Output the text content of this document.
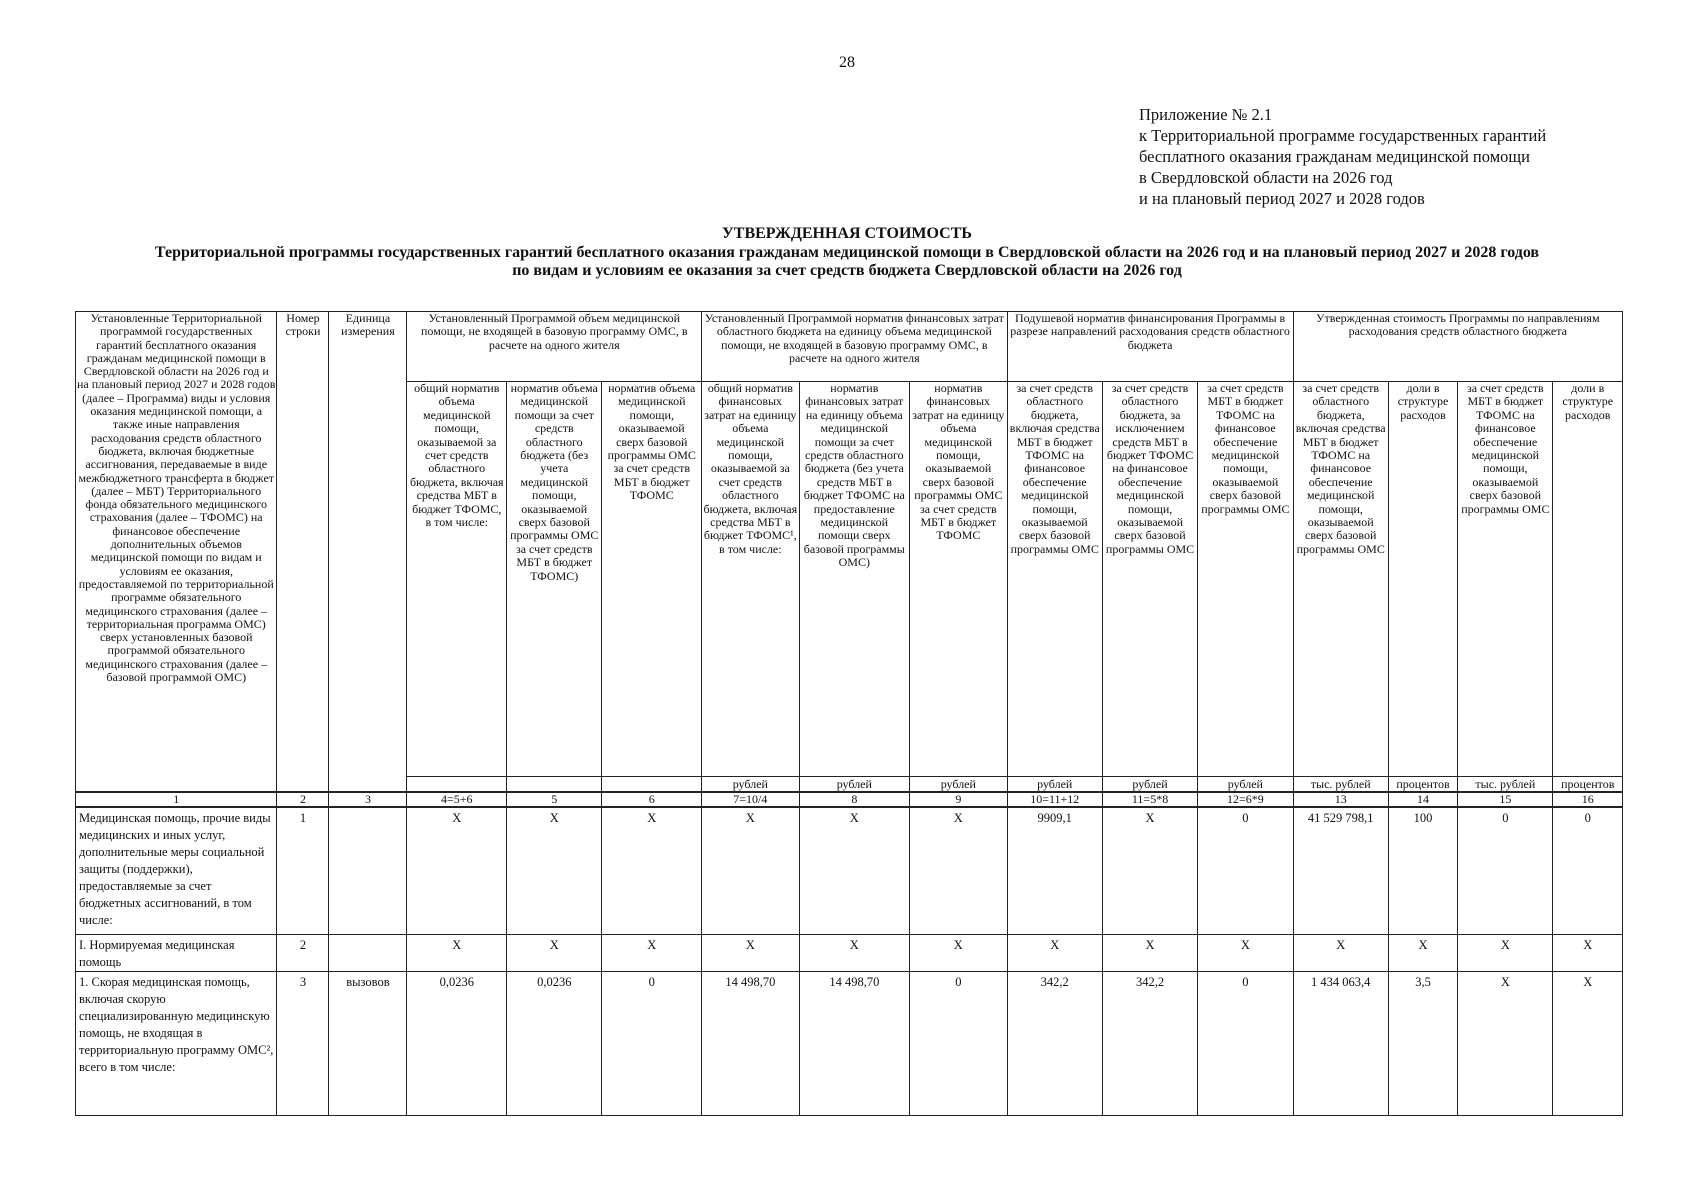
28
Приложение № 2.1
к Территориальной программе государственных гарантий
бесплатного оказания гражданам медицинской помощи
в Свердловской области на 2026 год
и на плановый период 2027 и 2028 годов
УТВЕРЖДЕННАЯ СТОИМОСТЬ
Территориальной программы государственных гарантий бесплатного оказания гражданам медицинской помощи в Свердловской области на 2026 год и на плановый период 2027 и 2028 годов
по видам и условиям ее оказания за счет средств бюджета Свердловской области на 2026 год
Установленные Территориальной программой государственных гарантий бесплатного оказания гражданам медицинской помощи в Свердловской области на 2026 год и на плановый период 2027 и 2028 годов (далее – Программа) виды и условия оказания медицинской помощи, а также иные направления расходования средств областного бюджета, включая бюджетные ассигнования, передаваемые в виде межбюджетного трансферта в бюджет (далее – МБТ) Территориального фонда обязательного медицинского страхования (далее – ТФОМС) на финансовое обеспечение дополнительных объемов медицинской помощи по видам и условиям ее оказания, предоставляемой по территориальной программе обязательного медицинского страхования (далее – территориальная программа ОМС) сверх установленных базовой программой обязательного медицинского страхования (далее – базовой программой ОМС)	Номер строки	Единица измерения	Установленный Программой объем медицинской помощи, не входящей в базовую программу ОМС, в расчете на одного жителя			Установленный Программой норматив финансовых затрат областного бюджета на единицу объема медицинской помощи, не входящей в базовую программу ОМС, в расчете на одного жителя			Подушевой норматив финансирования Программы в разрезе направлений расходования средств областного бюджета			Утвержденная стоимость Программы по направлениям расходования средств областного бюджета			
			общий норматив объема медицинской помощи, оказываемой за счет средств областного бюджета, включая средства МБТ в бюджет ТФОМС, в том числе:	норматив объема медицинской помощи за счет средств областного бюджета (без учета медицинской помощи, оказываемой сверх базовой программы ОМС за счет средств МБТ в бюджет ТФОМС)	норматив объема медицинской помощи, оказываемой сверх базовой программы ОМС за счет средств МБТ в бюджет ТФОМС	общий норматив финансовых затрат на единицу объема медицинской помощи, оказываемой за счет средств областного бюджета, включая средства МБТ в бюджет ТФОМС¹, в том числе:	норматив финансовых затрат на единицу объема медицинской помощи за счет средств областного бюджета (без учета средств МБТ в бюджет ТФОМС на предоставление медицинской помощи сверх базовой программы ОМС)	норматив финансовых затрат на единицу объема медицинской помощи, оказываемой сверх базовой программы ОМС за счет средств МБТ в бюджет ТФОМС	за счет средств областного бюджета, включая средства МБТ в бюджет ТФОМС на финансовое обеспечение медицинской помощи, оказываемой сверх базовой программы ОМС	за счет средств областного бюджета, за исключением средств МБТ в бюджет ТФОМС на финансовое обеспечение медицинской помощи, оказываемой сверх базовой программы ОМС	за счет средств МБТ в бюджет ТФОМС на финансовое обеспечение медицинской помощи, оказываемой сверх базовой программы ОМС	за счет средств областного бюджета, включая средства МБТ в бюджет ТФОМС на финансовое обеспечение медицинской помощи, оказываемой сверх базовой программы ОМС	доли в структуре расходов	за счет средств МБТ в бюджет ТФОМС на финансовое обеспечение медицинской помощи, оказываемой сверх базовой программы ОМС	доли в структуре расходов
						рублей	рублей	рублей	рублей	рублей	рублей	тыс. рублей	процентов	тыс. рублей	процентов
1	2	3	4=5+6	5	6	7=10/4	8	9	10=11+12	11=5*8	12=6*9	13	14	15	16
Медицинская помощь, прочие виды медицинских и иных услуг, дополнительные меры социальной защиты (поддержки), предоставляемые за счет бюджетных ассигнований, в том числе:	1		X	X	X	X	X	X	9909,1	X	0	41 529 798,1	100	0	0
I. Нормируемая медицинская помощь	2		X	X	X	X	X	X	X	X	X	X	X	X	X
1. Скорая медицинская помощь, включая скорую специализированную медицинскую помощь, не входящая в территориальную программу ОМС², всего в том числе:	3	вызовов	0,0236	0,0236	0	14 498,70	14 498,70	0	342,2	342,2	0	1 434 063,4	3,5	X	X
